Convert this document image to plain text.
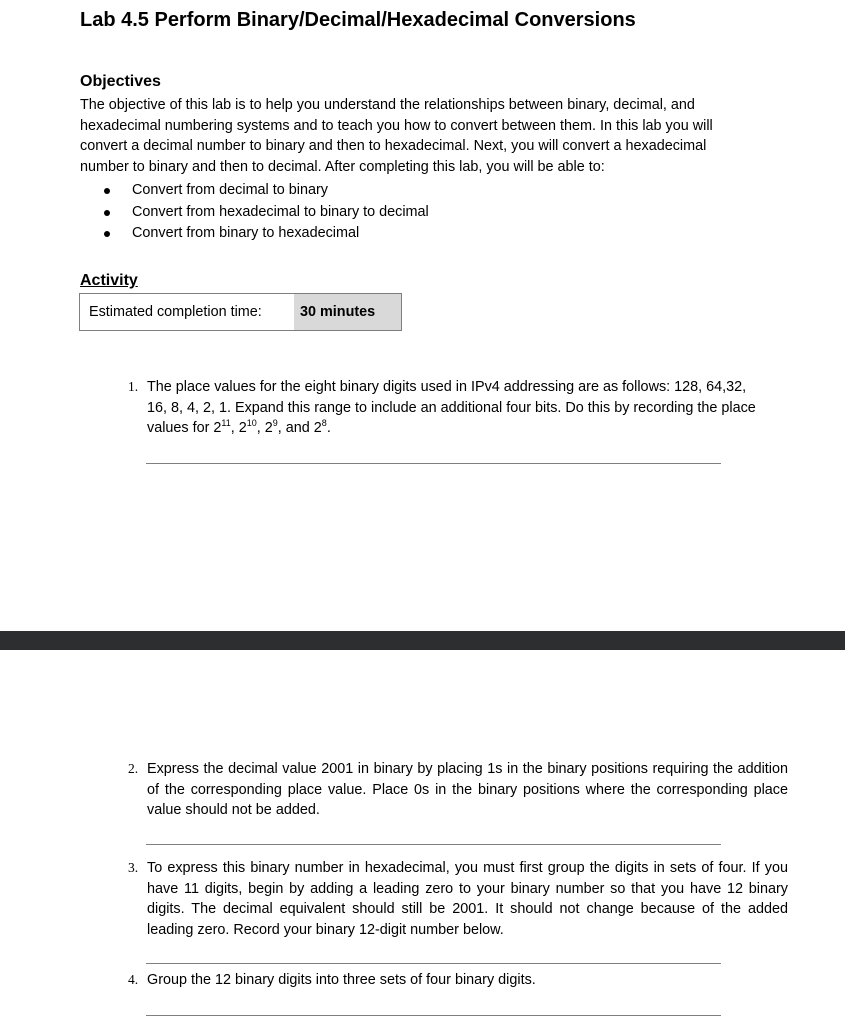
Lab 4.5 Perform Binary/Decimal/Hexadecimal Conversions
Objectives
The objective of this lab is to help you understand the relationships between binary, decimal, and
hexadecimal numbering systems and to teach you how to convert between them. In this lab you will
convert a decimal number to binary and then to hexadecimal. Next, you will convert a hexadecimal
number to binary and then to decimal. After completing this lab, you will be able to:
Convert from decimal to binary
Convert from hexadecimal to binary to decimal
Convert from binary to hexadecimal
Activity
Estimated completion time:	30 minutes
1. The place values for the eight binary digits used in IPv4 addressing are as follows: 128, 64,32,
16, 8, 4, 2, 1. Expand this range to include an additional four bits. Do this by recording the place
values for $2^{11}$, $2^{10}$, $2^9$, and $2^8$.
2. Express the decimal value 2001 in binary by placing 1s in the binary positions requiring the addition of the corresponding place value. Place 0s in the binary positions where the corresponding place value should not be added.
3. To express this binary number in hexadecimal, you must first group the digits in sets of four. If you have 11 digits, begin by adding a leading zero to your binary number so that you have 12 binary digits. The decimal equivalent should still be 2001. It should not change because of the added leading zero. Record your binary 12-digit number below.
4. Group the 12 binary digits into three sets of four binary digits.
